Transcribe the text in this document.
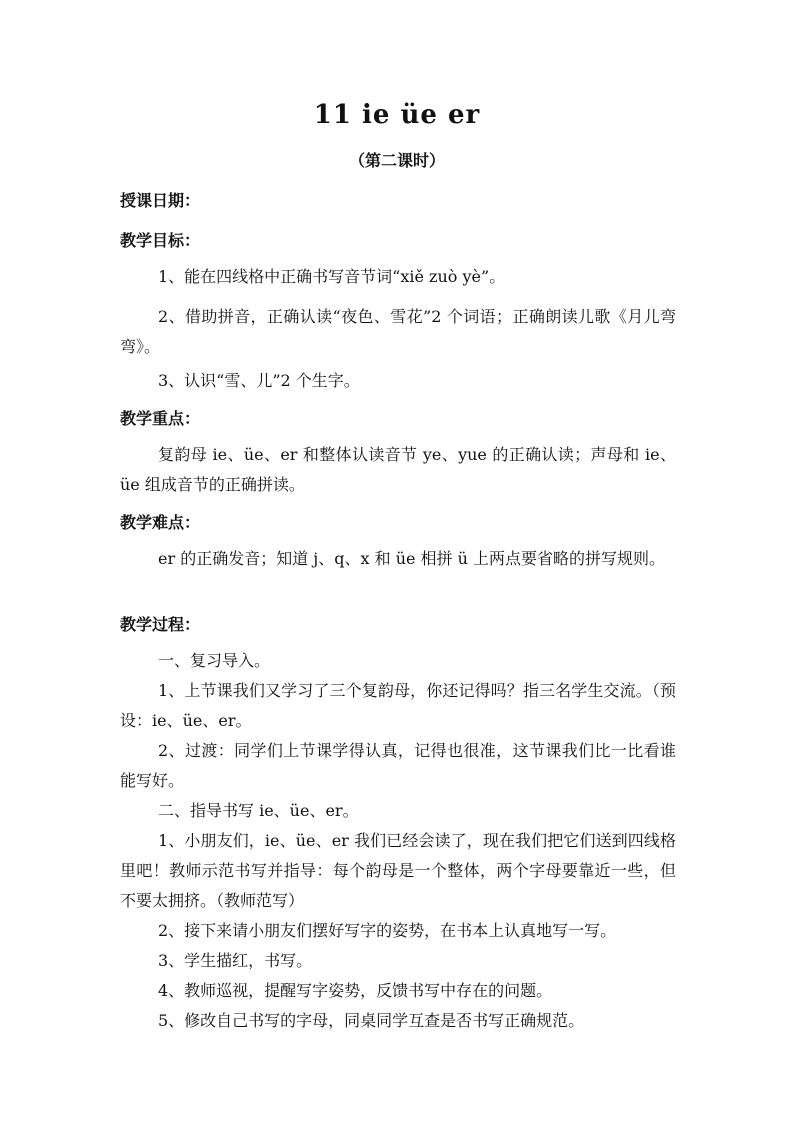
11 ie üe er
（第二课时）
授课日期：
教学目标：
1、能在四线格中正确书写音节词“xiě zuò yè”。
2、借助拼音，正确认读“夜色、雪花”2 个词语；正确朗读儿歌《月儿弯弯》。
3、认识“雪、儿”2 个生字。
教学重点：
复韵母 ie、üe、er 和整体认读音节 ye、yue 的正确认读；声母和 ie、üe 组成音节的正确拼读。
教学难点：
er 的正确发音；知道 j、q、x 和 üe 相拼 ü 上两点要省略的拼写规则。
教学过程：
一、复习导入。
1、上节课我们又学习了三个复韵母，你还记得吗？指三名学生交流。（预设：ie、üe、er。
2、过渡：同学们上节课学得认真，记得也很准，这节课我们比一比看谁能写好。
二、指导书写 ie、üe、er。
1、小朋友们，ie、üe、er 我们已经会读了，现在我们把它们送到四线格里吧！教师示范书写并指导：每个韵母是一个整体，两个字母要靠近一些，但不要太拥挤。（教师范写）
2、接下来请小朋友们摆好写字的姿势，在书本上认真地写一写。
3、学生描红，书写。
4、教师巡视，提醒写字姿势，反馈书写中存在的问题。
5、修改自己书写的字母，同桌同学互查是否书写正确规范。
